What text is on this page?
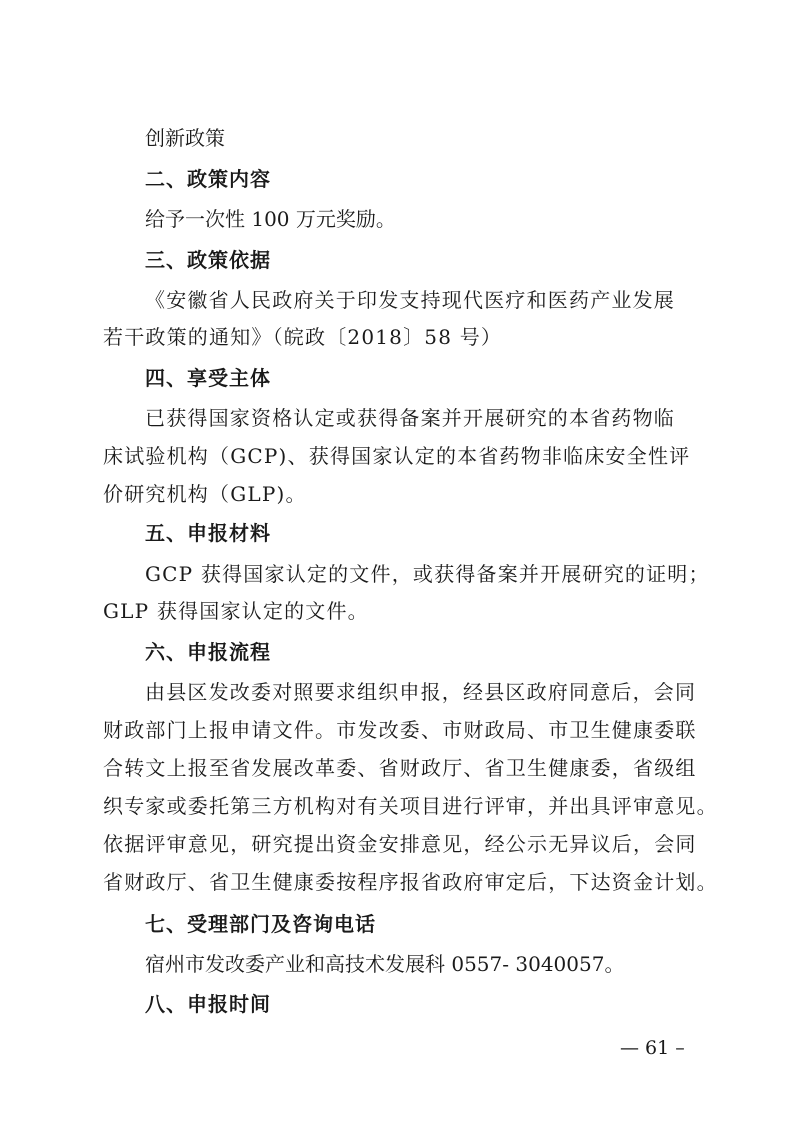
创新政策
二、政策内容
给予一次性 100 万元奖励。
三、政策依据
《安徽省人民政府关于印发支持现代医疗和医药产业发展
若干政策的通知》（皖政〔2018〕58 号）
四、享受主体
已获得国家资格认定或获得备案并开展研究的本省药物临
床试验机构（GCP)、获得国家认定的本省药物非临床安全性评
价研究机构（GLP)。
五、申报材料
GCP 获得国家认定的文件，或获得备案并开展研究的证明；
GLP 获得国家认定的文件。
六、申报流程
由县区发改委对照要求组织申报，经县区政府同意后，会同
财政部门上报申请文件。市发改委、市财政局、市卫生健康委联
合转文上报至省发展改革委、省财政厅、省卫生健康委，省级组
织专家或委托第三方机构对有关项目进行评审，并出具评审意见。
依据评审意见，研究提出资金安排意见，经公示无异议后，会同
省财政厅、省卫生健康委按程序报省政府审定后，下达资金计划。
七、受理部门及咨询电话
宿州市发改委产业和高技术发展科 0557- 3040057。
八、申报时间
— 61 –
